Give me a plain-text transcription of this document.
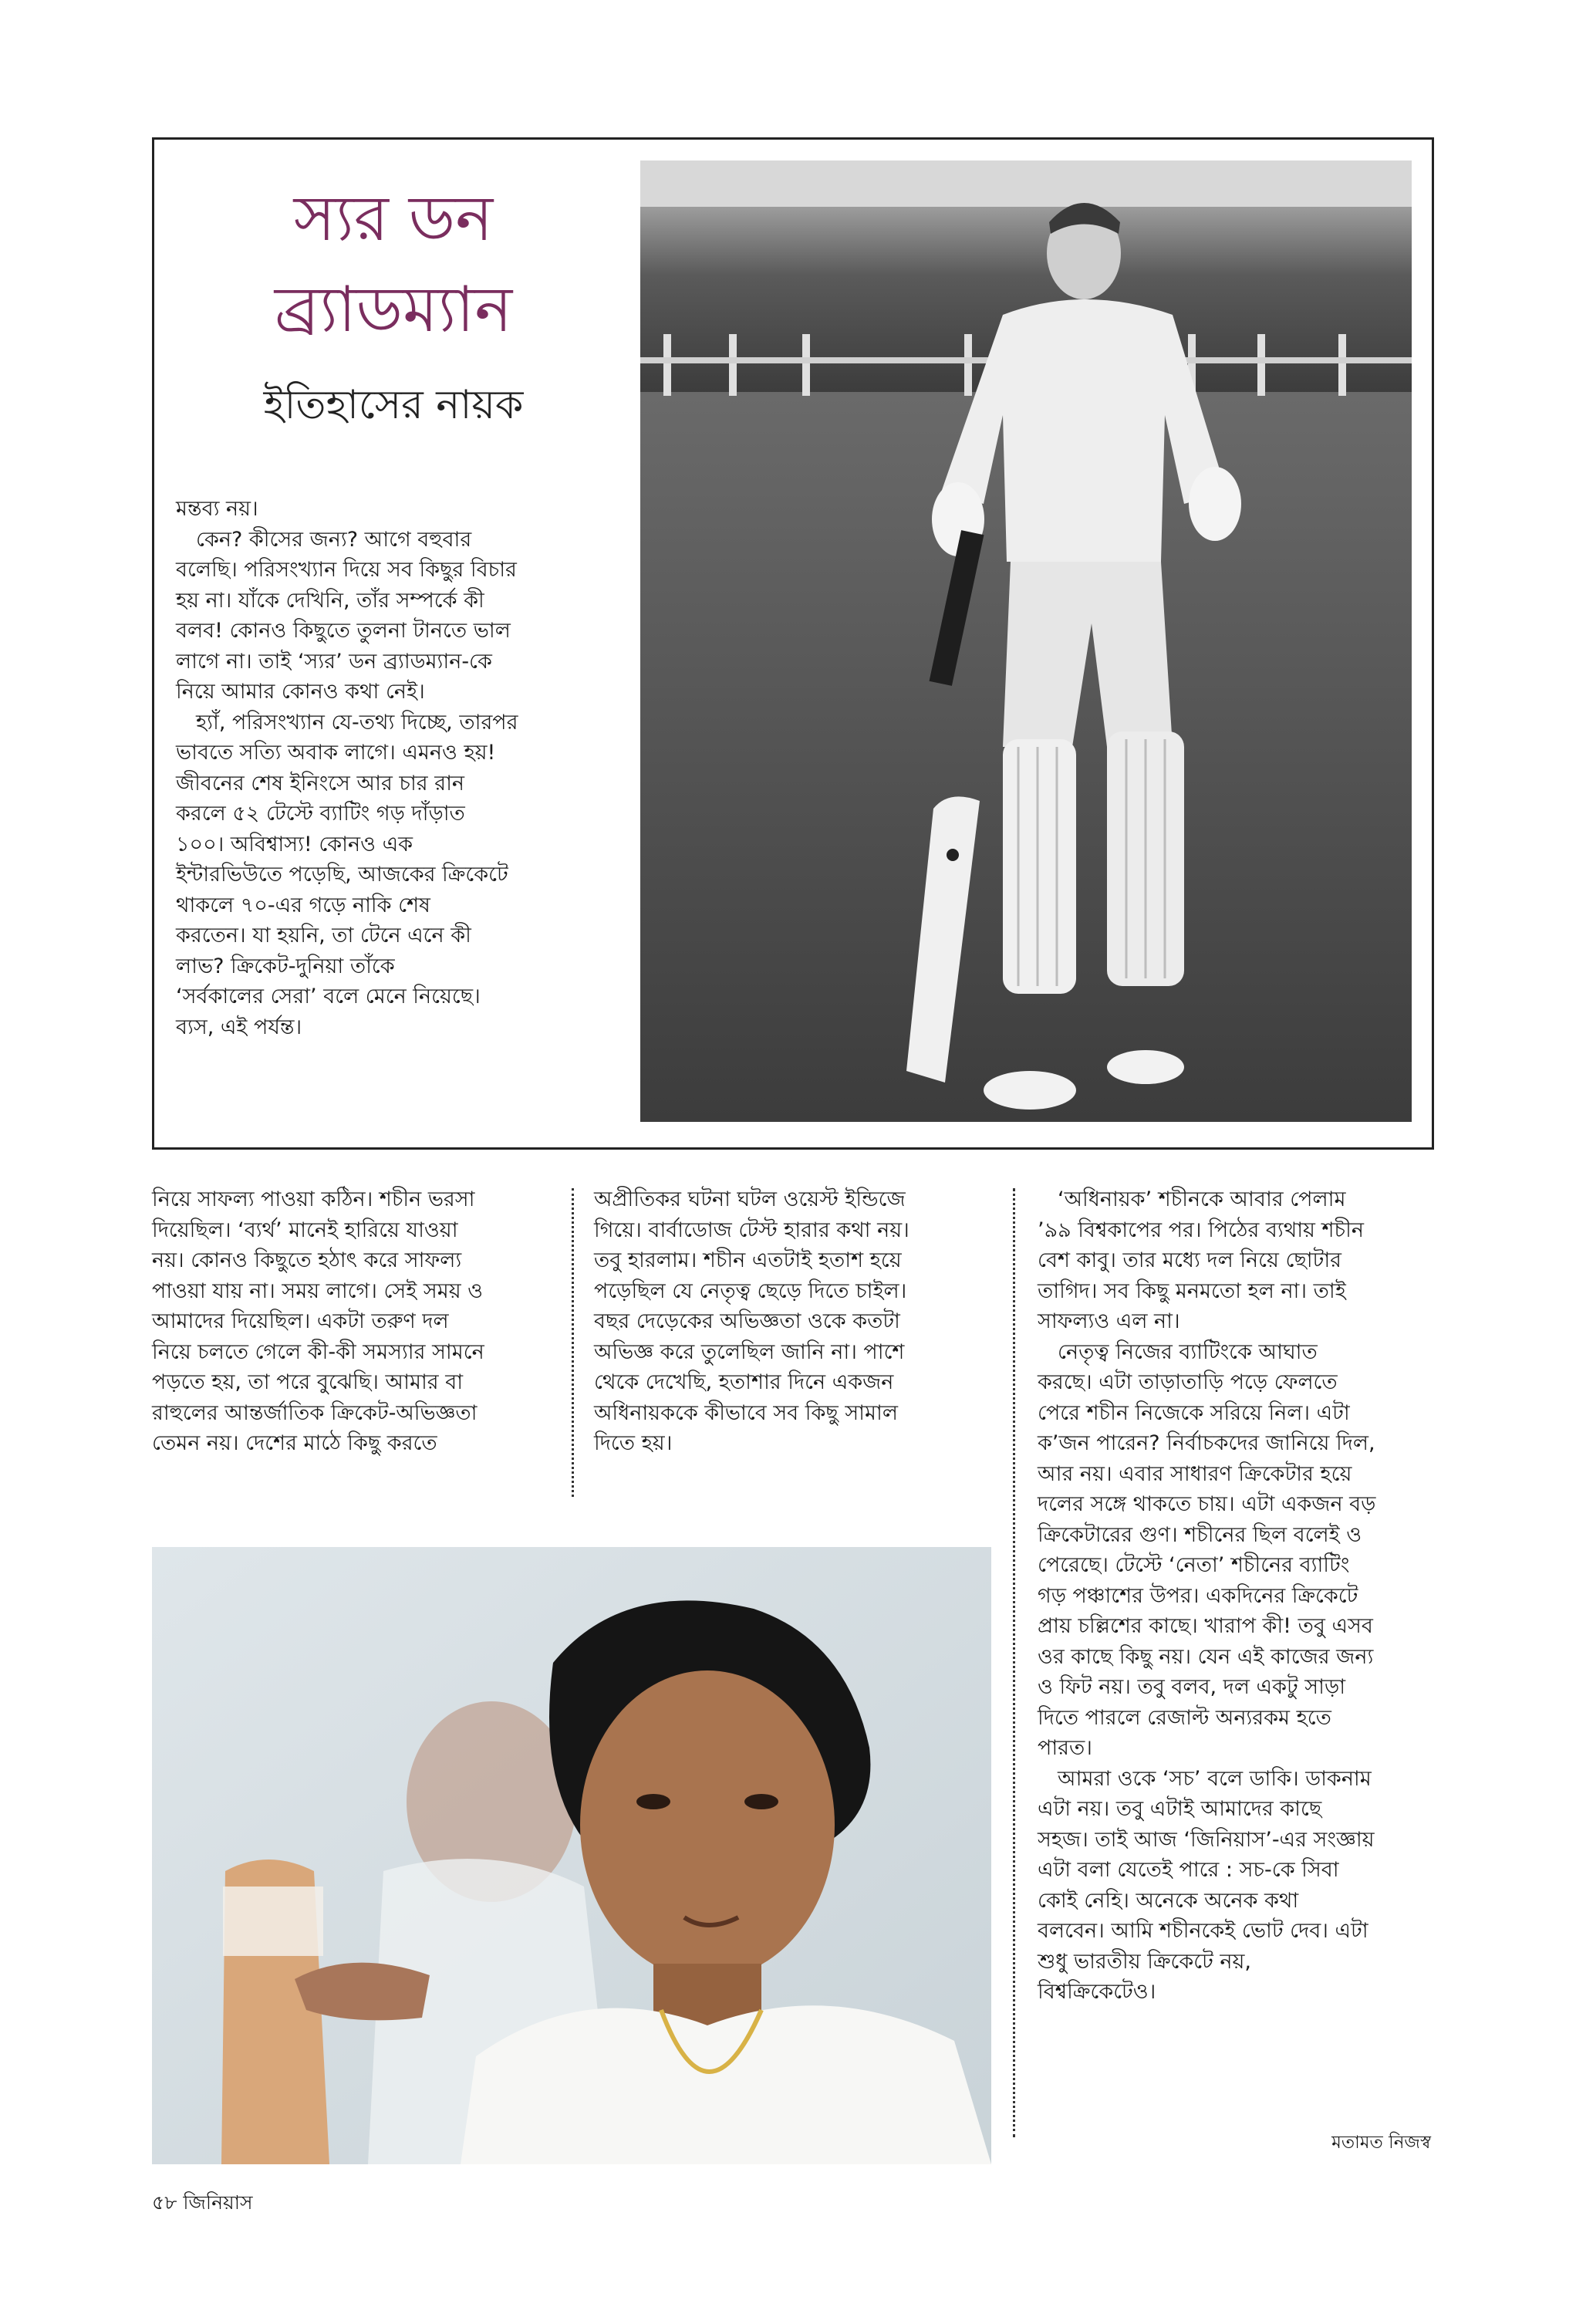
স্যর ডন
ব্র্যাডম্যান
ইতিহাসের নায়ক
মন্তব্য নয়।
কেন? কীসের জন্য? আগে বহুবার
বলেছি। পরিসংখ্যান দিয়ে সব কিছুর বিচার
হয় না। যাঁকে দেখিনি, তাঁর সম্পর্কে কী
বলব! কোনও কিছুতে তুলনা টানতে ভাল
লাগে না। তাই ‘স্যর’ ডন ব্র্যাডম্যান-কে
নিয়ে আমার কোনও কথা নেই।
হ্যাঁ, পরিসংখ্যান যে-তথ্য দিচ্ছে, তারপর
ভাবতে সত্যি অবাক লাগে। এমনও হয়!
জীবনের শেষ ইনিংসে আর চার রান
করলে ৫২ টেস্টে ব্যাটিং গড় দাঁড়াত
১০০। অবিশ্বাস্য! কোনও এক
ইন্টারভিউতে পড়েছি, আজকের ক্রিকেটে
থাকলে ৭০-এর গড়ে নাকি শেষ
করতেন। যা হয়নি, তা টেনে এনে কী
লাভ? ক্রিকেট-দুনিয়া তাঁকে
‘সর্বকালের সেরা’ বলে মেনে নিয়েছে।
ব্যস, এই পর্যন্ত।
নিয়ে সাফল্য পাওয়া কঠিন। শচীন ভরসা
দিয়েছিল। ‘ব্যর্থ’ মানেই হারিয়ে যাওয়া
নয়। কোনও কিছুতে হঠাৎ করে সাফল্য
পাওয়া যায় না। সময় লাগে। সেই সময় ও
আমাদের দিয়েছিল। একটা তরুণ দল
নিয়ে চলতে গেলে কী-কী সমস্যার সামনে
পড়তে হয়, তা পরে বুঝেছি। আমার বা
রাহুলের আন্তর্জাতিক ক্রিকেট-অভিজ্ঞতা
তেমন নয়। দেশের মাঠে কিছু করতে
অপ্রীতিকর ঘটনা ঘটল ওয়েস্ট ইন্ডিজে
গিয়ে। বার্বাডোজ টেস্ট হারার কথা নয়।
তবু হারলাম। শচীন এতটাই হতাশ হয়ে
পড়েছিল যে নেতৃত্ব ছেড়ে দিতে চাইল।
বছর দেড়েকের অভিজ্ঞতা ওকে কতটা
অভিজ্ঞ করে তুলেছিল জানি না। পাশে
থেকে দেখেছি, হতাশার দিনে একজন
অধিনায়ককে কীভাবে সব কিছু সামাল
দিতে হয়।
‘অধিনায়ক’ শচীনকে আবার পেলাম
’৯৯ বিশ্বকাপের পর। পিঠের ব্যথায় শচীন
বেশ কাবু। তার মধ্যে দল নিয়ে ছোটার
তাগিদ। সব কিছু মনমতো হল না। তাই
সাফল্যও এল না।
নেতৃত্ব নিজের ব্যাটিংকে আঘাত
করছে। এটা তাড়াতাড়ি পড়ে ফেলতে
পেরে শচীন নিজেকে সরিয়ে নিল। এটা
ক’জন পারেন? নির্বাচকদের জানিয়ে দিল,
আর নয়। এবার সাধারণ ক্রিকেটার হয়ে
দলের সঙ্গে থাকতে চায়। এটা একজন বড়
ক্রিকেটারের গুণ। শচীনের ছিল বলেই ও
পেরেছে। টেস্টে ‘নেতা’ শচীনের ব্যাটিং
গড় পঞ্চাশের উপর। একদিনের ক্রিকেটে
প্রায় চল্লিশের কাছে। খারাপ কী! তবু এসব
ওর কাছে কিছু নয়। যেন এই কাজের জন্য
ও ফিট নয়। তবু বলব, দল একটু সাড়া
দিতে পারলে রেজাল্ট অন্যরকম হতে
পারত।
আমরা ওকে ‘সচ’ বলে ডাকি। ডাকনাম
এটা নয়। তবু এটাই আমাদের কাছে
সহজ। তাই আজ ‘জিনিয়াস’-এর সংজ্ঞায়
এটা বলা যেতেই পারে : সচ-কে সিবা
কোই নেহি। অনেকে অনেক কথা
বলবেন। আমি শচীনকেই ভোট দেব। এটা
শুধু ভারতীয় ক্রিকেটে নয়,
বিশ্বক্রিকেটেও।
মতামত নিজস্ব
৫৮ জিনিয়াস
